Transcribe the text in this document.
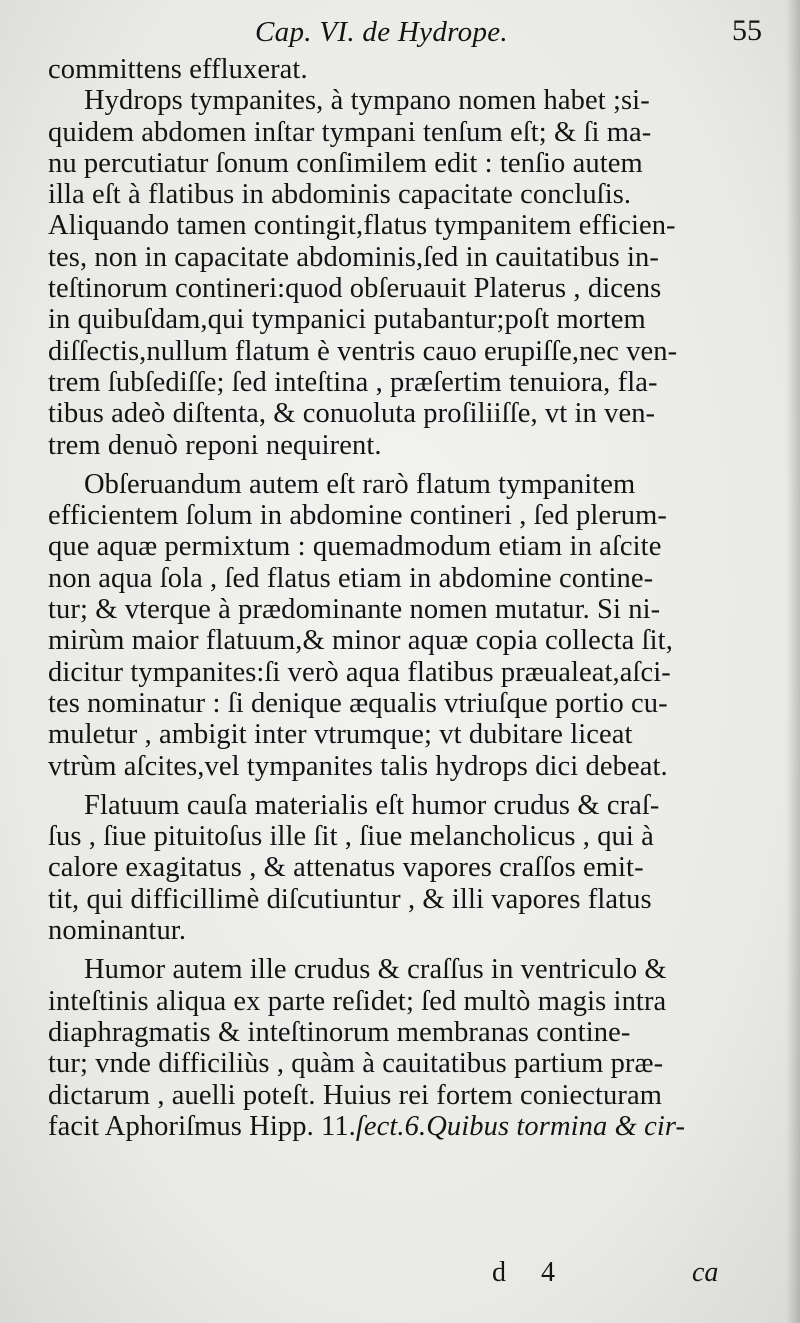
Cap. VI. de Hydrope.	55
committens effluxerat.
Hydrops tympanites, à tympano nomen habet ;si-
quidem abdomen inſtar tympani tenſum eſt; & ſi ma-
nu percutiatur ſonum conſimilem edit : tenſio autem
illa eſt à flatibus in abdominis capacitate concluſis.
Aliquando tamen contingit,flatus tympanitem efficien-
tes, non in capacitate abdominis,ſed in cauitatibus in-
teſtinorum contineri:quod obſeruauit Platerus , dicens
in quibuſdam,qui tympanici putabantur;poſt mortem
diſſectis,nullum flatum è ventris cauo erupiſſe,nec ven-
trem ſubſediſſe; ſed inteſtina , præſertim tenuiora, fla-
tibus adeò diſtenta, & conuoluta proſiliiſſe, vt in ven-
trem denuò reponi nequirent.
Obſeruandum autem eſt rarò flatum tympanitem
efficientem ſolum in abdomine contineri , ſed plerum-
que aquæ permixtum : quemadmodum etiam in aſcite
non aqua ſola , ſed flatus etiam in abdomine contine-
tur; & vterque à prædominante nomen mutatur. Si ni-
mirùm maior flatuum,& minor aquæ copia collecta ſit,
dicitur tympanites:ſi verò aqua flatibus præualeat,aſci-
tes nominatur : ſi denique æqualis vtriuſque portio cu-
muletur , ambigit inter vtrumque; vt dubitare liceat
vtrùm aſcites,vel tympanites talis hydrops dici debeat.
Flatuum cauſa materialis eſt humor crudus & craſ-
ſus , ſiue pituitoſus ille ſit , ſiue melancholicus , qui à
calore exagitatus , & attenatus vapores craſſos emit-
tit, qui difficillimè diſcutiuntur , & illi vapores flatus
nominantur.
Humor autem ille crudus & craſſus in ventriculo &
inteſtinis aliqua ex parte reſidet; ſed multò magis intra
diaphragmatis & inteſtinorum membranas contine-
tur; vnde difficiliùs , quàm à cauitatibus partium præ-
dictarum , auelli poteſt. Huius rei fortem coniecturam
facit Aphoriſmus Hipp. 11.ſect.6.Quibus tormina & cir-
d 4	ca
